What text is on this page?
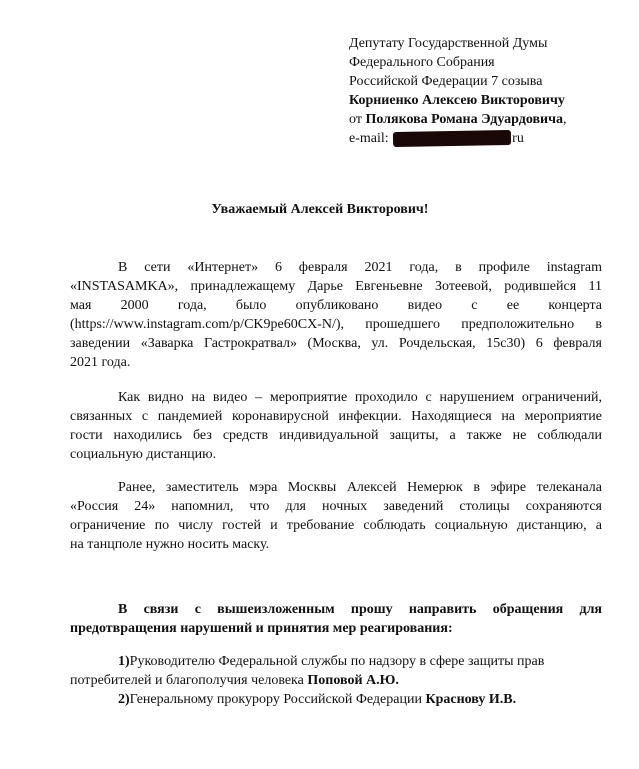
Депутату Государственной Думы
Федерального Собрания
Российской Федерации 7 созыва
Корниенко Алексею Викторовичу
от Полякова Романа Эдуардовича,
e-mail:
	ru
Уважаемый Алексей Викторович!
В сети «Интернет» 6 февраля 2021 года, в профиле instagram
«INSTASAMKA», принадлежащему Дарье Евгеньевне Зотеевой, родившейся 11
мая 2000 года, было опубликовано видео с ее концерта
(https://www.instagram.com/p/CK9pe60CX-N/), прошедшего предположительно в
заведении «Заварка Гастрократвал» (Москва, ул. Рочдельская, 15с30) 6 февраля
2021 года.
Как видно на видео – мероприятие проходило с нарушением ограничений,
связанных с пандемией коронавирусной инфекции. Находящиеся на мероприятие
гости находились без средств индивидуальной защиты, а также не соблюдали
социальную дистанцию.
Ранее, заместитель мэра Москвы Алексей Немерюк в эфире телеканала
«Россия 24» напомнил, что для ночных заведений столицы сохраняются
ограничение по числу гостей и требование соблюдать социальную дистанцию, а
на танцполе нужно носить маску.
В связи с вышеизложенным прошу направить обращения для
предотвращения нарушений и принятия мер реагирования:
1)Руководителю Федеральной службы по надзору в сфере защиты прав
потребителей и благополучия человека Поповой А.Ю.
2)Генеральному прокурору Российской Федерации Краснову И.В.
